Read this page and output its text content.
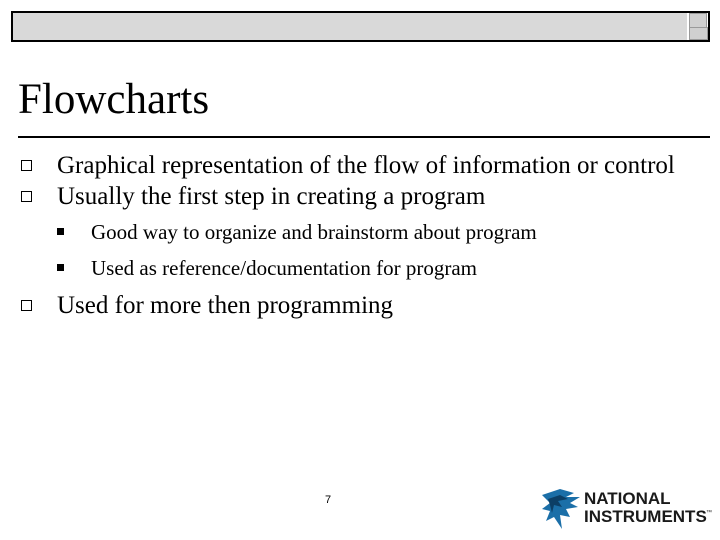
Flowcharts
Graphical representation of the flow of information or control
Usually the first step in creating a program
Good way to organize and brainstorm about program
Used as reference/documentation for program
Used for more then programming
7	NATIONAL
INSTRUMENTS ™
